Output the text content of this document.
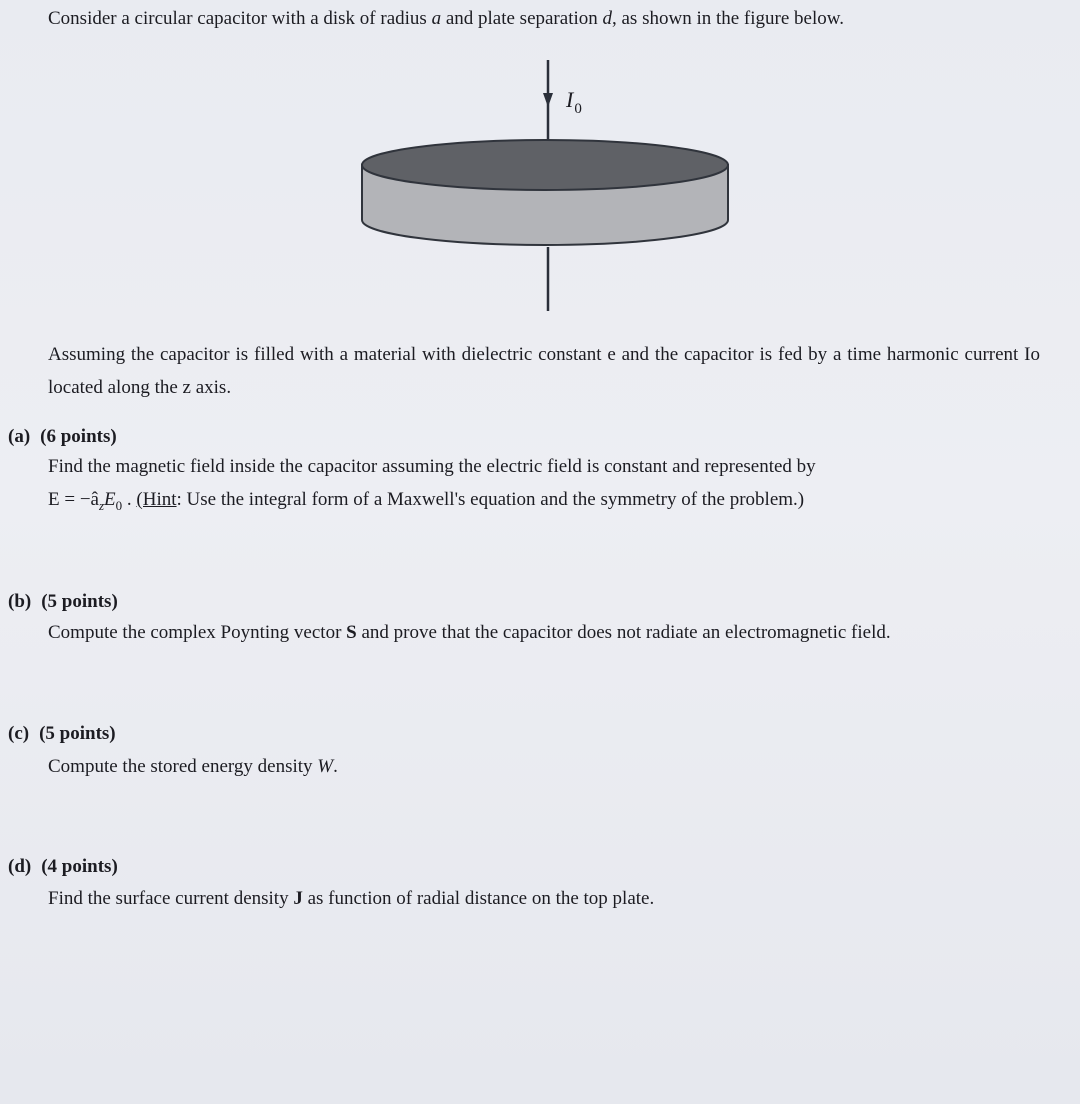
Consider a circular capacitor with a disk of radius a and plate separation d, as shown in the figure below.
$I_0$
Assuming the capacitor is filled with a material with dielectric constant e and the capacitor is fed by a time harmonic current Io located along the z axis.
(a) (6 points)
Find the magnetic field inside the capacitor assuming the electric field is constant and represented by
$E = -â_zE_0$ . (Hint: Use the integral form of a Maxwell's equation and the symmetry of the problem.)
(b) (5 points)
Compute the complex Poynting vector S and prove that the capacitor does not radiate an electromagnetic field.
(c) (5 points)
Compute the stored energy density W.
(d) (4 points)
Find the surface current density J as function of radial distance on the top plate.
